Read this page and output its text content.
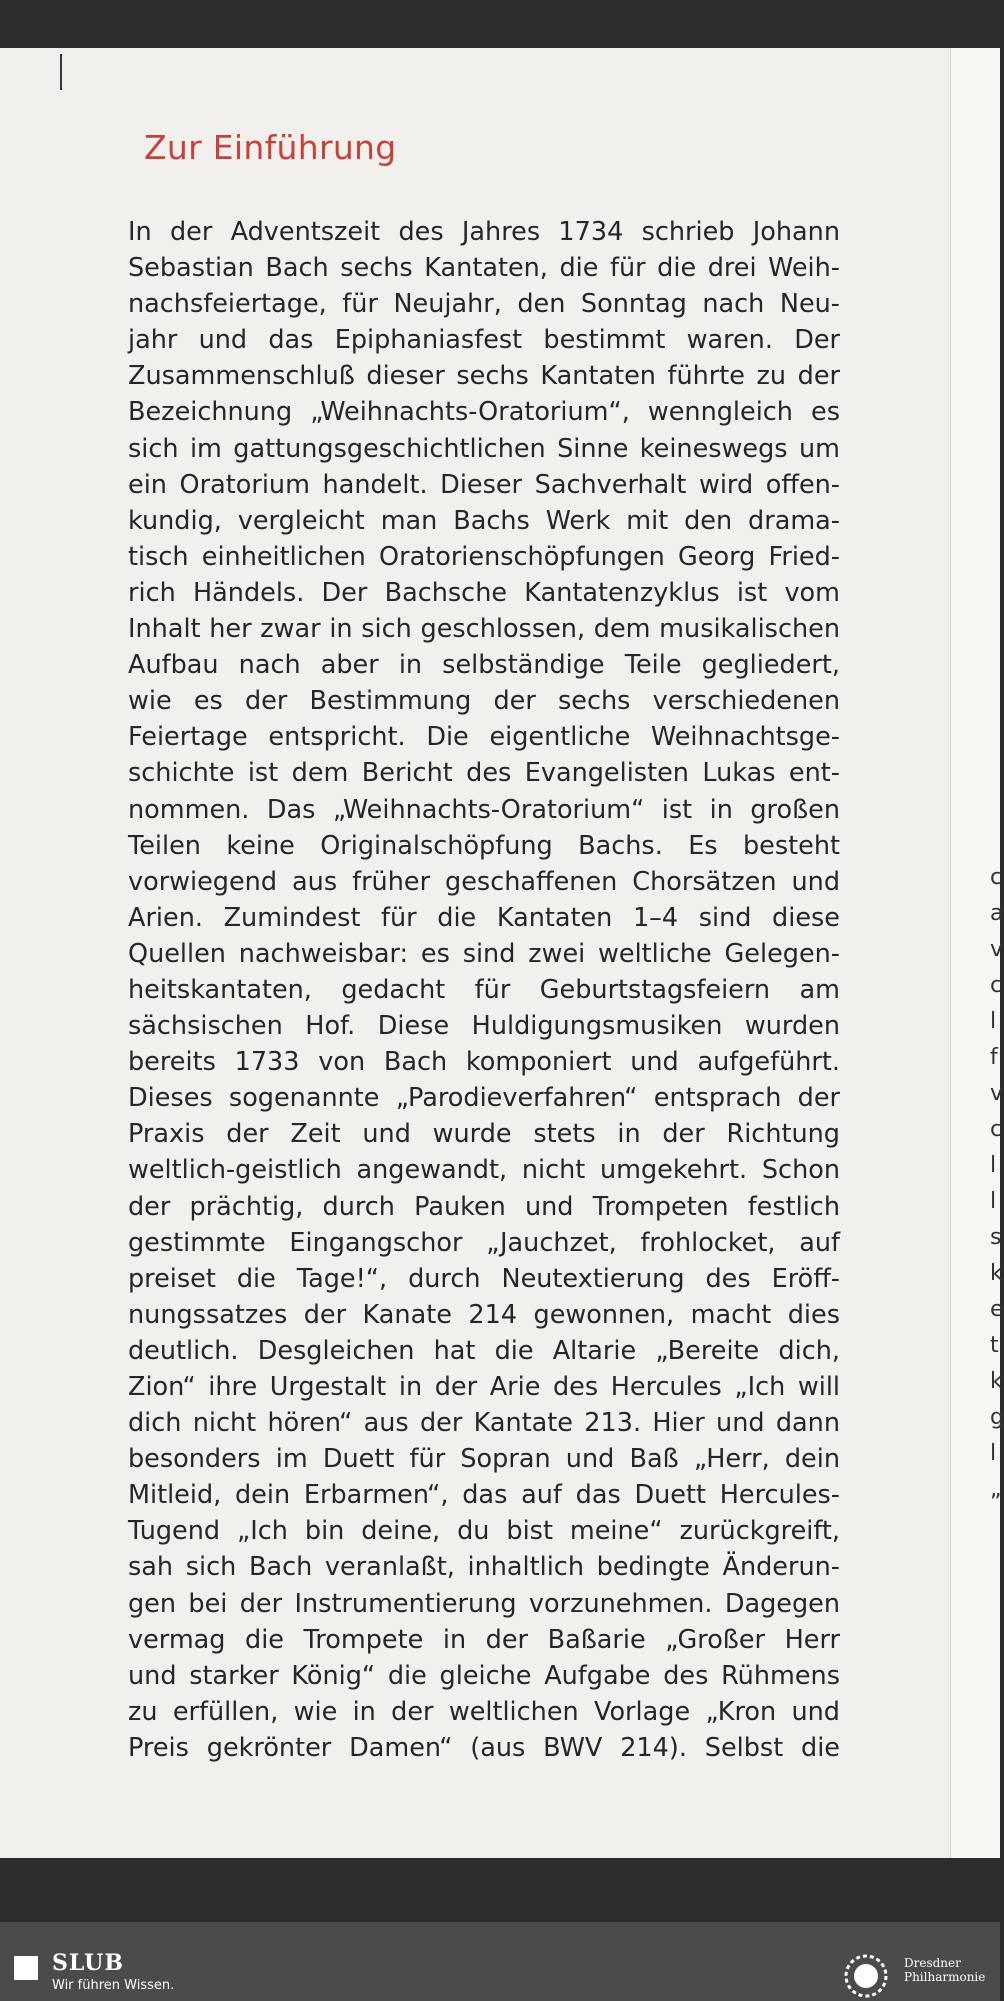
Zur Einführung
In der Adventszeit des Jahres 1734 schrieb Johann
Sebastian Bach sechs Kantaten, die für die drei Weih-
nachsfeiertage, für Neujahr, den Sonntag nach Neu-
jahr und das Epiphaniasfest bestimmt waren. Der
Zusammenschluß dieser sechs Kantaten führte zu der
Bezeichnung „Weihnachts-Oratorium“, wenngleich es
sich im gattungsgeschichtlichen Sinne keineswegs um
ein Oratorium handelt. Dieser Sachverhalt wird offen-
kundig, vergleicht man Bachs Werk mit den drama-
tisch einheitlichen Oratorienschöpfungen Georg Fried-
rich Händels. Der Bachsche Kantatenzyklus ist vom
Inhalt her zwar in sich geschlossen, dem musikalischen
Aufbau nach aber in selbständige Teile gegliedert,
wie es der Bestimmung der sechs verschiedenen
Feiertage entspricht. Die eigentliche Weihnachtsge-
schichte ist dem Bericht des Evangelisten Lukas ent-
nommen. Das „Weihnachts-Oratorium“ ist in großen
Teilen keine Originalschöpfung Bachs. Es besteht
vorwiegend aus früher geschaffenen Chorsätzen und
Arien. Zumindest für die Kantaten 1–4 sind diese
Quellen nachweisbar: es sind zwei weltliche Gelegen-
heitskantaten, gedacht für Geburtstagsfeiern am
sächsischen Hof. Diese Huldigungsmusiken wurden
bereits 1733 von Bach komponiert und aufgeführt.
Dieses sogenannte „Parodieverfahren“ entsprach der
Praxis der Zeit und wurde stets in der Richtung
weltlich-geistlich angewandt, nicht umgekehrt. Schon
der prächtig, durch Pauken und Trompeten festlich
gestimmte Eingangschor „Jauchzet, frohlocket, auf
preiset die Tage!“, durch Neutextierung des Eröff-
nungssatzes der Kanate 214 gewonnen, macht dies
deutlich. Desgleichen hat die Altarie „Bereite dich,
Zion“ ihre Urgestalt in der Arie des Hercules „Ich will
dich nicht hören“ aus der Kantate 213. Hier und dann
besonders im Duett für Sopran und Baß „Herr, dein
Mitleid, dein Erbarmen“, das auf das Duett Hercules-
Tugend „Ich bin deine, du bist meine“ zurückgreift,
sah sich Bach veranlaßt, inhaltlich bedingte Änderun-
gen bei der Instrumentierung vorzunehmen. Dagegen
vermag die Trompete in der Baßarie „Großer Herr
und starker König“ die gleiche Aufgabe des Rühmens
zu erfüllen, wie in der weltlichen Vorlage „Kron und
Preis gekrönter Damen“ (aus BWV 214). Selbst die
c
a
v
c
l
f
v
c
l
l
s
k
e
t
k
g
l
„
SLUB
Wir führen Wissen.
Dresdner
Philharmonie
